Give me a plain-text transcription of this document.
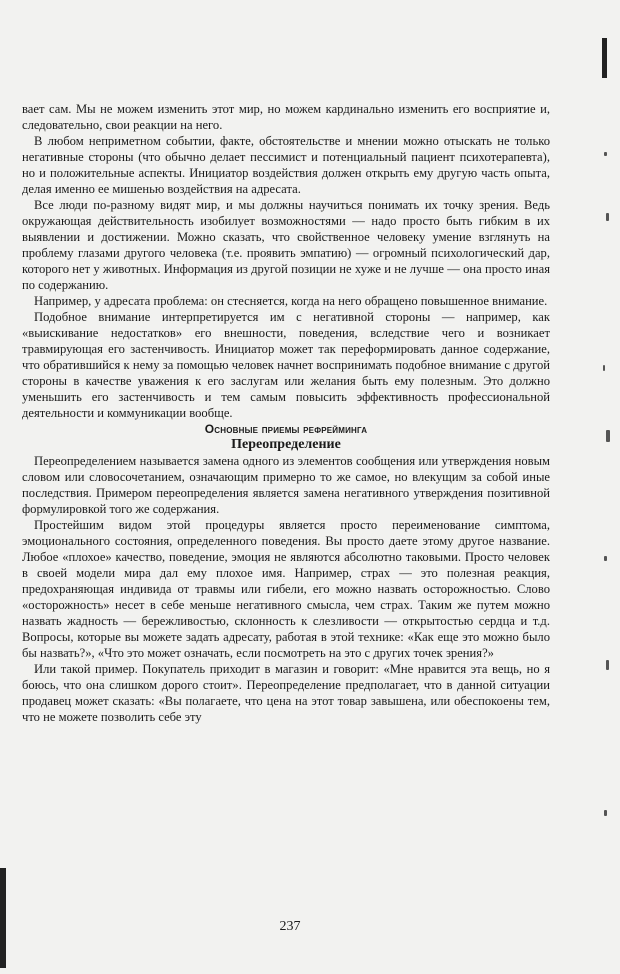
вает сам. Мы не можем изменить этот мир, но можем кардинально изменить его восприятие и, следовательно, свои реакции на него.

В любом неприметном событии, факте, обстоятельстве и мнении можно отыскать не только негативные стороны (что обычно делает пессимист и потенциальный пациент психотерапевта), но и положительные аспекты. Инициатор воздействия должен открыть ему другую часть опыта, делая именно ее мишенью воздействия на адресата.

Все люди по-разному видят мир, и мы должны научиться понимать их точку зрения. Ведь окружающая действительность изобилует возможностями — надо просто быть гибким в их выявлении и достижении. Можно сказать, что свойственное человеку умение взглянуть на проблему глазами другого человека (т.е. проявить эмпатию) — огромный психологический дар, которого нет у животных. Информация из другой позиции не хуже и не лучше — она просто иная по содержанию.

Например, у адресата проблема: он стесняется, когда на него обращено повышенное внимание.

Подобное внимание интерпретируется им с негативной стороны — например, как «выискивание недостатков» его внешности, поведения, вследствие чего и возникает травмирующая его застенчивость. Инициатор может так переформировать данное содержание, что обратившийся к нему за помощью человек начнет воспринимать подобное внимание с другой стороны в качестве уважения к его заслугам или желания быть ему полезным. Это должно уменьшить его застенчивость и тем самым повысить эффективность профессиональной деятельности и коммуникации вообще.

Основные приемы рефрейминга

Переопределение

Переопределением называется замена одного из элементов сообщения или утверждения новым словом или словосочетанием, означающим примерно то же самое, но влекущим за собой иные последствия. Примером переопределения является замена негативного утверждения позитивной формулировкой того же содержания.

Простейшим видом этой процедуры является просто переименование симптома, эмоционального состояния, определенного поведения. Вы просто даете этому другое название. Любое «плохое» качество, поведение, эмоция не являются абсолютно таковыми. Просто человек в своей модели мира дал ему плохое имя. Например, страх — это полезная реакция, предохраняющая индивида от травмы или гибели, его можно назвать осторожностью. Слово «осторожность» несет в себе меньше негативного смысла, чем страх. Таким же путем можно назвать жадность — бережливостью, склонность к слезливости — открытостью сердца и т.д. Вопросы, которые вы можете задать адресату, работая в этой технике: «Как еще это можно было бы назвать?», «Что это может означать, если посмотреть на это с других точек зрения?»

Или такой пример. Покупатель приходит в магазин и говорит: «Мне нравится эта вещь, но я боюсь, что она слишком дорого стоит». Переопределение предполагает, что в данной ситуации продавец может сказать: «Вы полагаете, что цена на этот товар завышена, или обеспокоены тем, что не можете позволить себе эту

237
